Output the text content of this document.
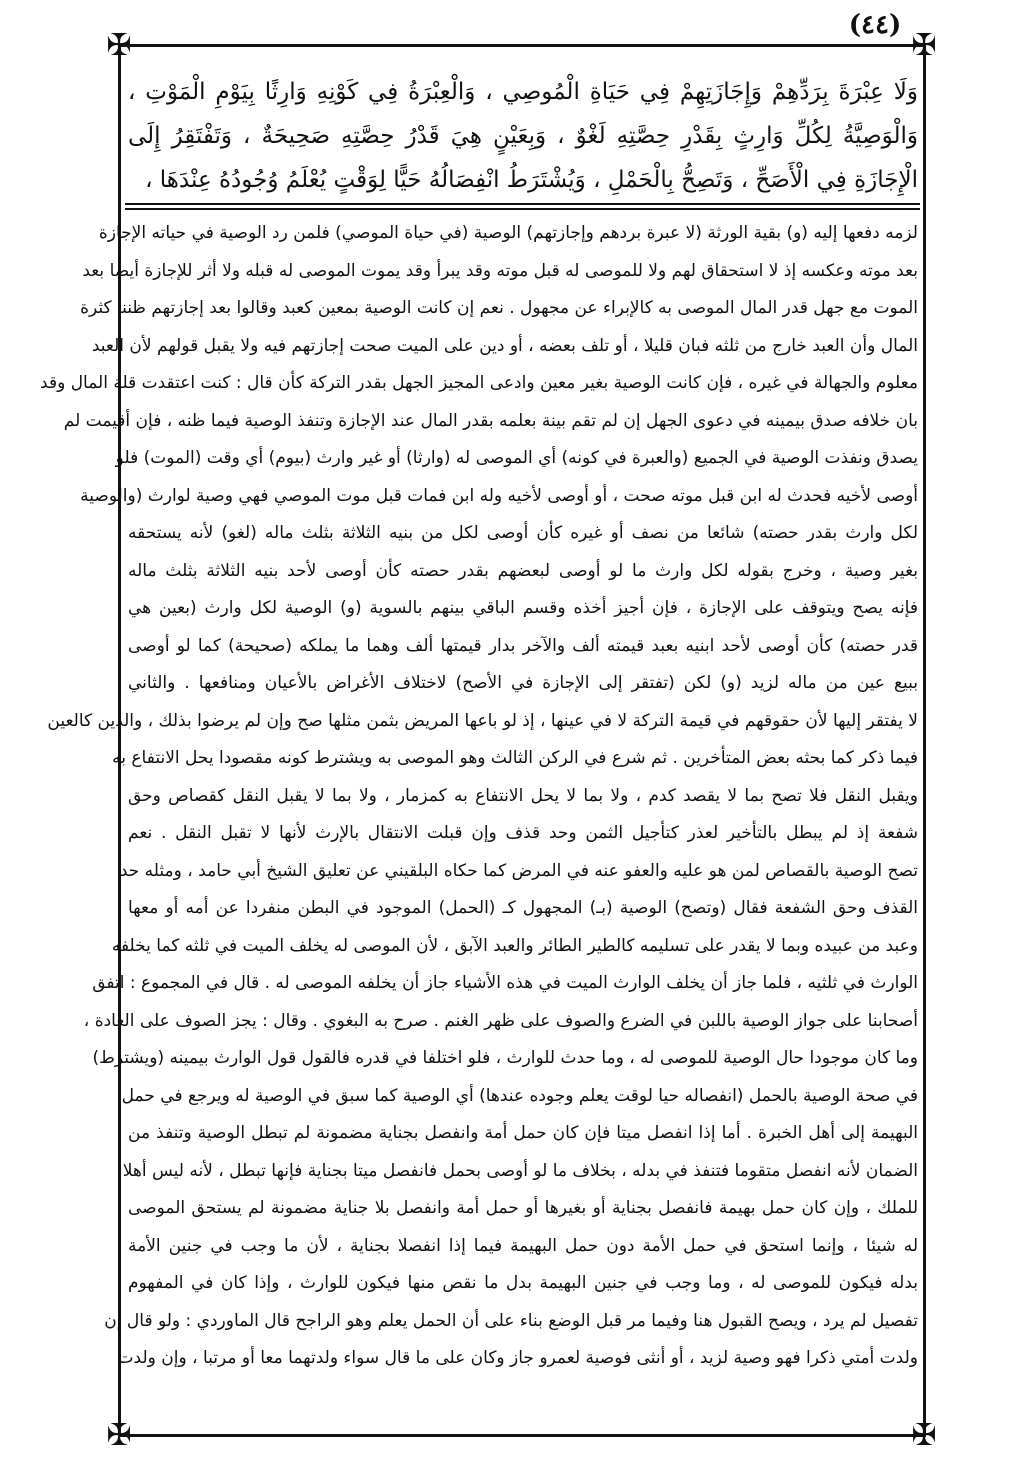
(٤٤)
✠	✠
✠	✠
وَلَا عِبْرَةَ بِرَدِّهِمْ وَإِجَازَتِهِمْ فِي حَيَاةِ الْمُوصِي ، وَالْعِبْرَةُ فِي كَوْنِهِ وَارِثًا بِيَوْمِ الْمَوْتِ ، وَالْوَصِيَّةُ لِكُلِّ وَارِثٍ بِقَدْرِ حِصَّتِهِ لَغْوٌ ، وَبِعَيْنٍ هِيَ قَدْرُ حِصَّتِهِ صَحِيحَةٌ ، وَتَفْتَقِرُ إِلَى الْإِجَازَةِ فِي الْأَصَحِّ ، وَتَصِحُّ بِالْحَمْلِ ، وَيُشْتَرَطُ انْفِصَالُهُ حَيًّا لِوَقْتٍ يُعْلَمُ وُجُودُهُ عِنْدَهَا ،
لزمه دفعها إليه (و) بقية الورثة (لا عبرة بردهم وإجازتهم) الوصية (في حياة الموصي) فلمن رد الوصية في حياته الإجازة
بعد موته وعكسه إذ لا استحقاق لهم ولا للموصى له قبل موته وقد يبرأ وقد يموت الموصى له قبله ولا أثر للإجازة أيضا بعد
الموت مع جهل قدر المال الموصى به كالإبراء عن مجهول . نعم إن كانت الوصية بمعين كعبد وقالوا بعد إجازتهم ظننا كثرة
المال وأن العبد خارج من ثلثه فبان قليلا ، أو تلف بعضه ، أو دين على الميت صحت إجازتهم فيه ولا يقبل قولهم لأن العبد
معلوم والجهالة في غيره ، فإن كانت الوصية بغير معين وادعى المجيز الجهل بقدر التركة كأن قال : كنت اعتقدت قلة المال وقد
بان خلافه صدق بيمينه في دعوى الجهل إن لم تقم بينة بعلمه بقدر المال عند الإجازة وتنفذ الوصية فيما ظنه ، فإن أقيمت لم
يصدق ونفذت الوصية في الجميع (والعبرة في كونه) أي الموصى له (وارثا) أو غير وارث (بيوم) أي وقت (الموت) فلو
أوصى لأخيه فحدث له ابن قبل موته صحت ، أو أوصى لأخيه وله ابن فمات قبل موت الموصي فهي وصية لوارث (والوصية
لكل وارث بقدر حصته) شائعا من نصف أو غيره كأن أوصى لكل من بنيه الثلاثة بثلث ماله (لغو) لأنه يستحقه
بغير وصية ، وخرج بقوله لكل وارث ما لو أوصى لبعضهم بقدر حصته كأن أوصى لأحد بنيه الثلاثة بثلث ماله
فإنه يصح ويتوقف على الإجازة ، فإن أجيز أخذه وقسم الباقي بينهم بالسوية (و) الوصية لكل وارث (بعين هي
قدر حصته) كأن أوصى لأحد ابنيه بعبد قيمته ألف والآخر بدار قيمتها ألف وهما ما يملكه (صحيحة) كما لو أوصى
ببيع عين من ماله لزيد (و) لكن (تفتقر إلى الإجازة في الأصح) لاختلاف الأغراض بالأعيان ومنافعها . والثاني
لا يفتقر إليها لأن حقوقهم في قيمة التركة لا في عينها ، إذ لو باعها المريض بثمن مثلها صح وإن لم يرضوا بذلك ، والدين كالعين
فيما ذكر كما بحثه بعض المتأخرين . ثم شرع في الركن الثالث وهو الموصى به ويشترط كونه مقصودا يحل الانتفاع به
ويقبل النقل فلا تصح بما لا يقصد كدم ، ولا بما لا يحل الانتفاع به كمزمار ، ولا بما لا يقبل النقل كقصاص وحق
شفعة إذ لم يبطل بالتأخير لعذر كتأجيل الثمن وحد قذف وإن قبلت الانتقال بالإرث لأنها لا تقبل النقل . نعم
تصح الوصية بالقصاص لمن هو عليه والعفو عنه في المرض كما حكاه البلقيني عن تعليق الشيخ أبي حامد ، ومثله حد
القذف وحق الشفعة فقال (وتصح) الوصية (بـ) المجهول كـ (الحمل) الموجود في البطن منفردا عن أمه أو معها
وعبد من عبيده وبما لا يقدر على تسليمه كالطير الطائر والعبد الآبق ، لأن الموصى له يخلف الميت في ثلثه كما يخلفه
الوارث في ثلثيه ، فلما جاز أن يخلف الوارث الميت في هذه الأشياء جاز أن يخلفه الموصى له . قال في المجموع : اتفق
أصحابنا على جواز الوصية باللبن في الضرع والصوف على ظهر الغنم . صرح به البغوي . وقال : يجز الصوف على العادة ،
وما كان موجودا حال الوصية للموصى له ، وما حدث للوارث ، فلو اختلفا في قدره فالقول قول الوارث بيمينه (ويشترط)
في صحة الوصية بالحمل (انفصاله حيا لوقت يعلم وجوده عندها) أي الوصية كما سبق في الوصية له ويرجع في حمل
البهيمة إلى أهل الخبرة . أما إذا انفصل ميتا فإن كان حمل أمة وانفصل بجناية مضمونة لم تبطل الوصية وتنفذ من
الضمان لأنه انفصل متقوما فتنفذ في بدله ، بخلاف ما لو أوصى بحمل فانفصل ميتا بجناية فإنها تبطل ، لأنه ليس أهلا
للملك ، وإن كان حمل بهيمة فانفصل بجناية أو بغيرها أو حمل أمة وانفصل بلا جناية مضمونة لم يستحق الموصى
له شيئا ، وإنما استحق في حمل الأمة دون حمل البهيمة فيما إذا انفصلا بجناية ، لأن ما وجب في جنين الأمة
بدله فيكون للموصى له ، وما وجب في جنين البهيمة بدل ما نقص منها فيكون للوارث ، وإذا كان في المفهوم
تفصيل لم يرد ، ويصح القبول هنا وفيما مر قبل الوضع بناء على أن الحمل يعلم وهو الراجح قال الماوردي : ولو قال إن
ولدت أمتي ذكرا فهو وصية لزيد ، أو أنثى فوصية لعمرو جاز وكان على ما قال سواء ولدتهما معا أو مرتبا ، وإن ولدت
